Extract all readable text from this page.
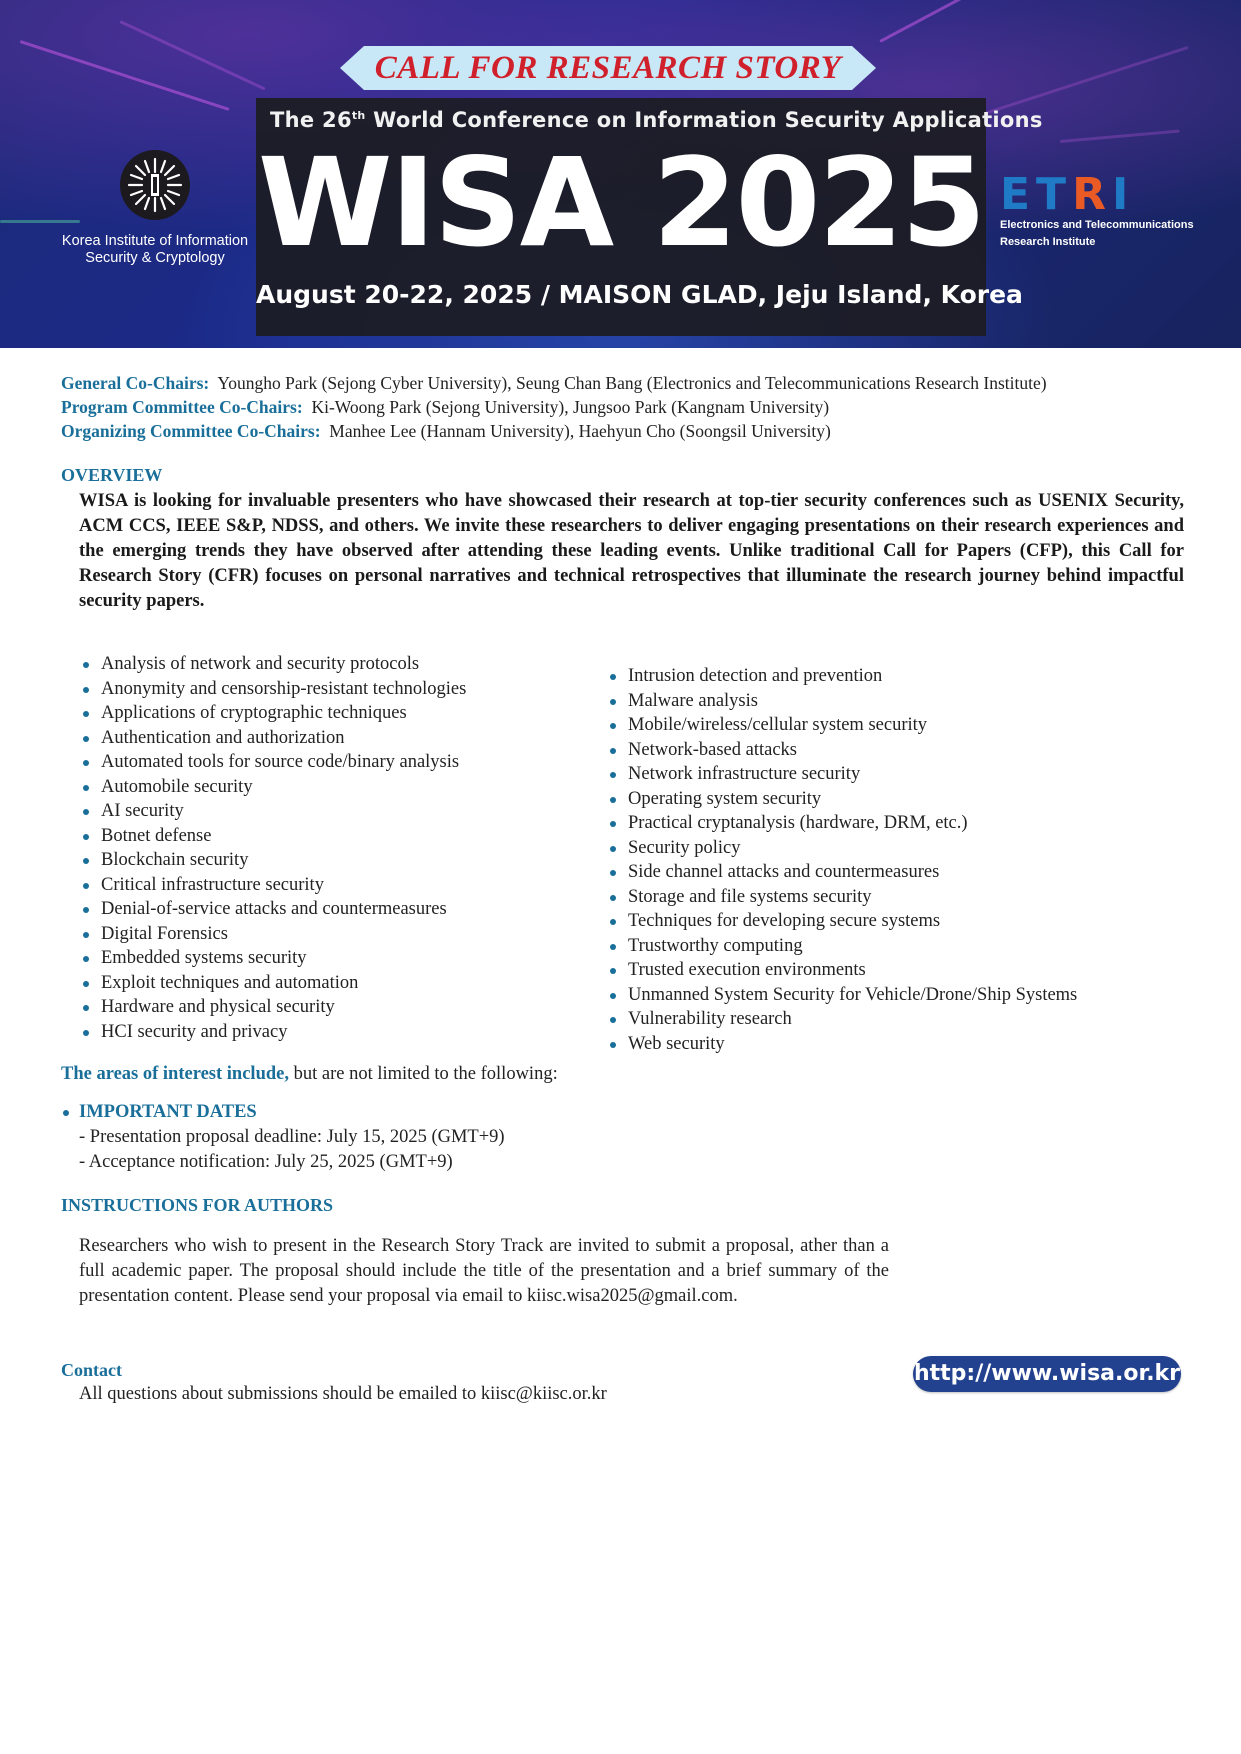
CALL FOR RESEARCH STORY
Korea Institute of Information
Security & Cryptology
The 26th World Conference on Information Security Applications
WISA 2025
August 20-22, 2025 / MAISON GLAD, Jeju Island, Korea
ETRI
Electronics and Telecommunications
Research Institute
General Co-Chairs: Youngho Park (Sejong Cyber University), Seung Chan Bang (Electronics and Telecommunications Research Institute)
Program Committee Co-Chairs: Ki-Woong Park (Sejong University), Jungsoo Park (Kangnam University)
Organizing Committee Co-Chairs: Manhee Lee (Hannam University), Haehyun Cho (Soongsil University)
OVERVIEW
WISA is looking for invaluable presenters who have showcased their research at top-tier security conferences such as USENIX Security, ACM CCS, IEEE S&P, NDSS, and others. We invite these researchers to deliver engaging presentations on their research experiences and the emerging trends they have observed after attending these leading events. Unlike traditional Call for Papers (CFP), this Call for Research Story (CFR) focuses on personal narratives and technical retrospectives that illuminate the research journey behind impactful security papers.
Analysis of network and security protocols
Anonymity and censorship-resistant technologies
Applications of cryptographic techniques
Authentication and authorization
Automated tools for source code/binary analysis
Automobile security
AI security
Botnet defense
Blockchain security
Critical infrastructure security
Denial-of-service attacks and countermeasures
Digital Forensics
Embedded systems security
Exploit techniques and automation
Hardware and physical security
HCI security and privacy
Intrusion detection and prevention
Malware analysis
Mobile/wireless/cellular system security
Network-based attacks
Network infrastructure security
Operating system security
Practical cryptanalysis (hardware, DRM, etc.)
Security policy
Side channel attacks and countermeasures
Storage and file systems security
Techniques for developing secure systems
Trustworthy computing
Trusted execution environments
Unmanned System Security for Vehicle/Drone/Ship Systems
Vulnerability research
Web security
The areas of interest include, but are not limited to the following:
IMPORTANT DATES
- Presentation proposal deadline: July 15, 2025 (GMT+9)
- Acceptance notification: July 25, 2025 (GMT+9)
INSTRUCTIONS FOR AUTHORS
Researchers who wish to present in the Research Story Track are invited to submit a proposal, ather than a full academic paper. The proposal should include the title of the presentation and a brief summary of the presentation content. Please send your proposal via email to kiisc.wisa2025@gmail.com.
Contact
All questions about submissions should be emailed to kiisc@kiisc.or.kr
http://www.wisa.or.kr
